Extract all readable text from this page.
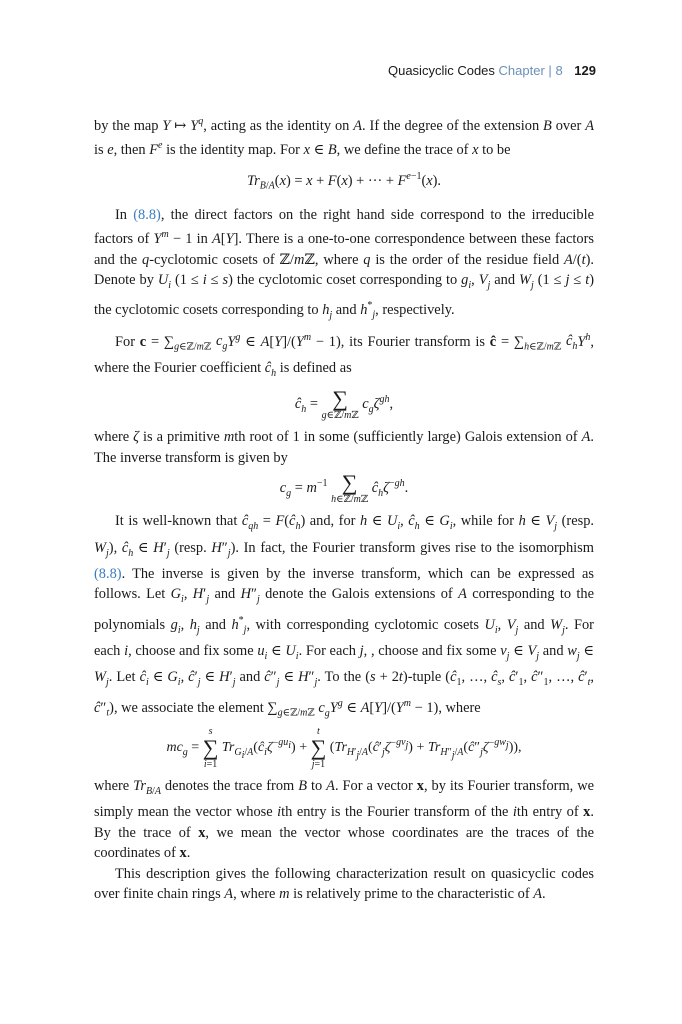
Quasicyclic Codes Chapter | 8 129

by the map Y ↦ $Y^q$, acting as the identity on A. If the degree of the extension B over A is e, then $F^e$ is the identity map. For x ∈ B, we define the trace of x to be

$Tr_{B/A}(x) = x + F(x)$ + ··· + $F^{e-1}(x)$.

In (8.8), the direct factors on the right hand side correspond to the irreducible factors of $Y^m - 1$ in A[Y]. There is a one-to-one correspondence between these factors and the q-cyclotomic cosets of ℤ/mℤ, where q is the order of the residue field A/(t). Denote by $U_i$ (1 ≤ i ≤ s) the cyclotomic coset corresponding to $g_i$, $V_j$ and $W_j$ (1 ≤ j ≤ t) the cyclotomic cosets corresponding to $h_j$ and $h^*_j$, respectively.

For $c = \sum_{g\in ℤ/mℤ}$ $c_gY^g$ ∈ $A[Y]/(Y^m - 1)$, its Fourier transform is ĉ = $\sum_{h\in ℤ/mℤ}$ $ĉ_hY^h$, where the Fourier coefficient $ĉ_h$ is defined as

$ĉ_h$ = ∑
g∈ℤ/mℤ
$c_g\zeta^{gh}$,

where ζ is a primitive mth root of 1 in some (sufficiently large) Galois extension of A. The inverse transform is given by

$c_g = m^{-1}$ ∑
h∈ℤ/mℤ
$ĉ_h\zeta^{-gh}$.

It is well-known that $ĉ_{qh}$ = $F(ĉ_h)$ and, for h ∈ $U_i$, $ĉ_h$ ∈ $G_i$, while for h ∈ $V_j$ (resp. $W_j$), $ĉ_h$ ∈ $H'_j$ (resp. $H''_j$). In fact, the Fourier transform gives rise to the isomorphism (8.8). The inverse is given by the inverse transform, which can be expressed as follows. Let $G_i$, $H'_j$ and $H''_j$ denote the Galois extensions of A corresponding to the polynomials $g_i$, $h_j$ and $h^*_j$, with corresponding cyclotomic cosets $U_i$, $V_j$ and $W_j$. For each i, choose and fix some $u_i$ ∈ $U_i$. For each j, , choose and fix some $v_j$ ∈ $V_j$ and $w_j$ ∈ $W_j$. Let $ĉ_i$ ∈ $G_i$, $ĉ'_j$ ∈ $H'_j$ and $ĉ''_j$ ∈ $H''_j$. To the (s + 2t)-tuple ($ĉ_1$, …, $ĉ_s$, $ĉ'_1$, $ĉ''_1$, …, $ĉ'_t$, $ĉ''_t$), we associate the element $\sum_{g\in ℤ/mℤ}$ $c_gY^g$ ∈ $A[Y]/(Y^m - 1)$, where

$mc_g$ =
s
∑
i=1
$Tr_{G_i/A}(ĉ_i\zeta^{-gu_i})$ +
t
∑
j=1
($Tr_{H'_j/A}(ĉ'_j\zeta^{-gv_j})$ + $Tr_{H''_j/A}(ĉ''_j\zeta^{-gw_j})$),

where $Tr_{B/A}$ denotes the trace from B to A. For a vector x, by its Fourier transform, we simply mean the vector whose ith entry is the Fourier transform of the ith entry of x. By the trace of x, we mean the vector whose coordinates are the traces of the coordinates of x.

This description gives the following characterization result on quasicyclic codes over finite chain rings A, where m is relatively prime to the characteristic of A.
